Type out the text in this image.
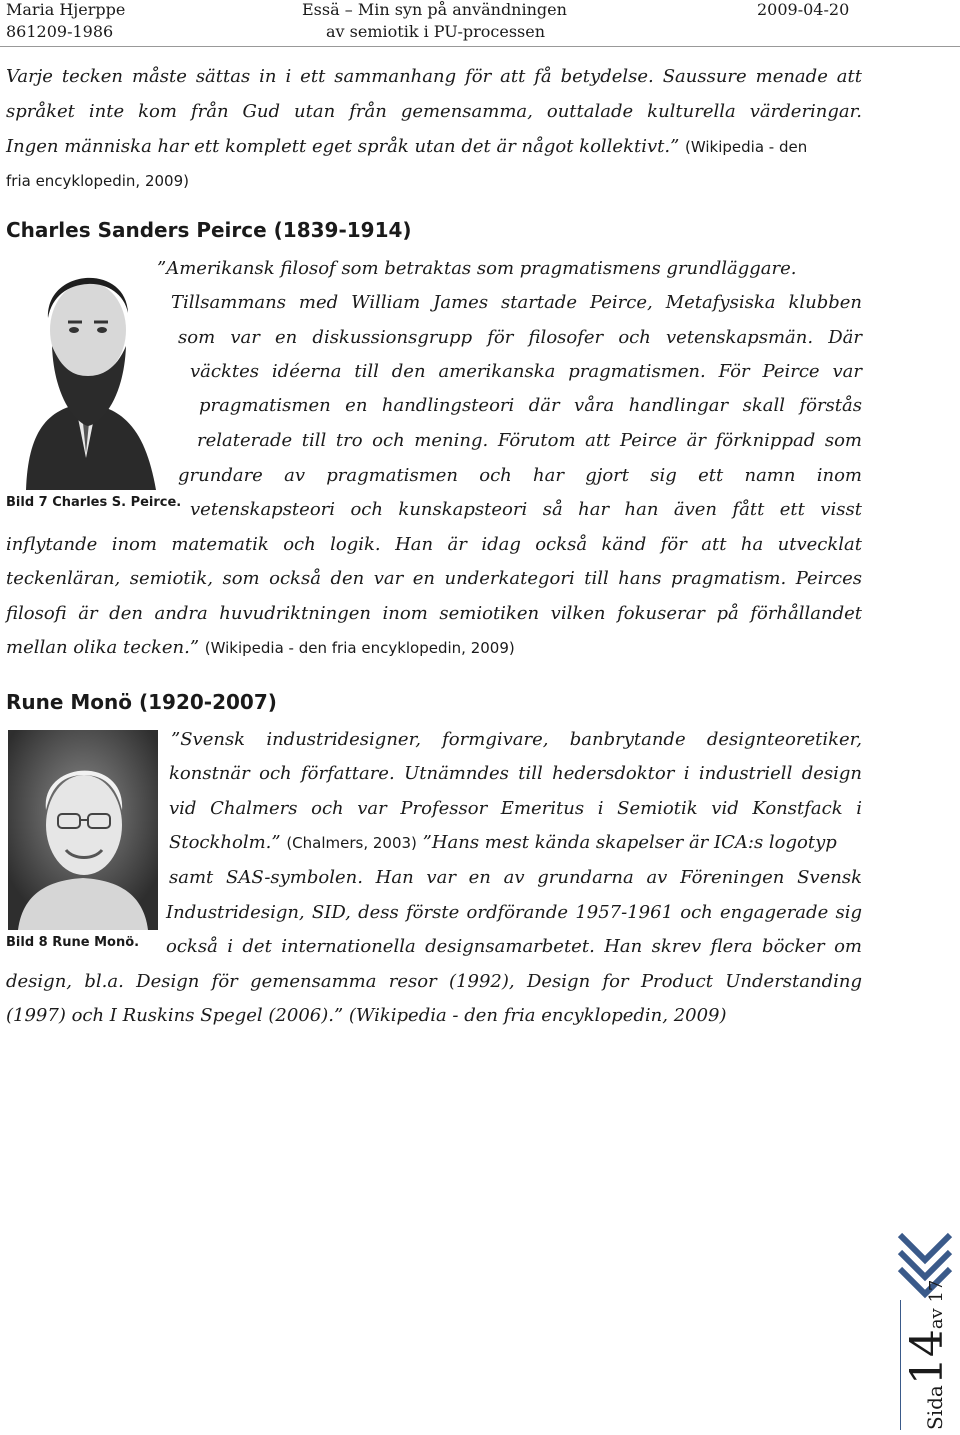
Maria Hjerppe
861209-1986
Essä – Min syn på användningen
av semiotik i PU-processen
2009-04-20
Varje tecken måste sättas in i ett sammanhang för att få betydelse. Saussure menade att
språket inte kom från Gud utan från gemensamma, outtalade kulturella värderingar.
Ingen människa har ett komplett eget språk utan det är något kollektivt.” (Wikipedia - den
fria encyklopedin, 2009)
Charles Sanders Peirce (1839-1914)
Bild 7 Charles S. Peirce.
”Amerikansk filosof som betraktas som pragmatismens grundläggare.
Tillsammans med William James startade Peirce, Metafysiska klubben
som var en diskussionsgrupp för filosofer och vetenskapsmän. Där
väcktes idéerna till den amerikanska pragmatismen. För Peirce var
pragmatismen en handlingsteori där våra handlingar skall förstås
relaterade till tro och mening. Förutom att Peirce är förknippad som
grundare av pragmatismen och har gjort sig ett namn inom
vetenskapsteori och kunskapsteori så har han även fått ett visst
inflytande inom matematik och logik. Han är idag också känd för att ha utvecklat
teckenläran, semiotik, som också den var en underkategori till hans pragmatism. Peirces
filosofi är den andra huvudriktningen inom semiotiken vilken fokuserar på förhållandet
mellan olika tecken.” (Wikipedia - den fria encyklopedin, 2009)
Rune Monö (1920-2007)
Bild 8 Rune Monö.
”Svensk industridesigner, formgivare, banbrytande designteoretiker,
konstnär och författare. Utnämndes till hedersdoktor i industriell design
vid Chalmers och var Professor Emeritus i Semiotik vid Konstfack i
Stockholm.” (Chalmers, 2003) ”Hans mest kända skapelser är ICA:s logotyp
samt SAS-symbolen. Han var en av grundarna av Föreningen Svensk
Industridesign, SID, dess förste ordförande 1957-1961 och engagerade sig
också i det internationella designsamarbetet. Han skrev flera böcker om
design, bl.a. Design för gemensamma resor (1992), Design for Product Understanding
(1997) och I Ruskins Spegel (2006).” (Wikipedia - den fria encyklopedin, 2009)
Sida14av 17
